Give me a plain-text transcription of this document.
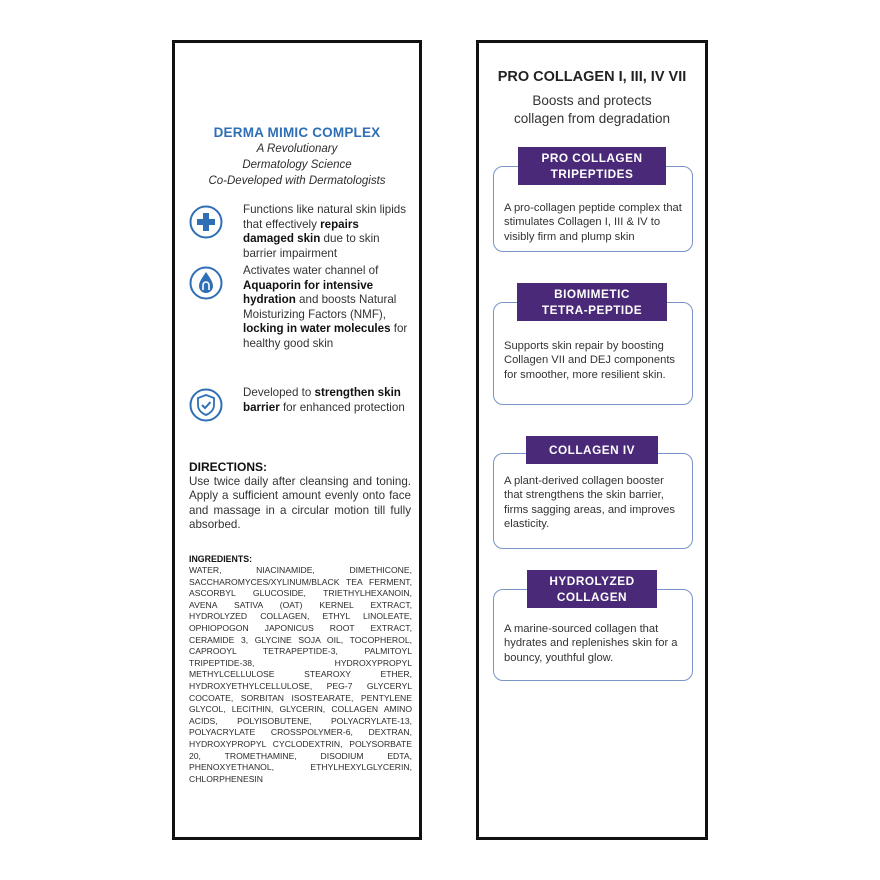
DERMA MIMIC COMPLEX
A Revolutionary
Dermatology Science
Co-Developed with Dermatologists
Functions like natural skin lipids that effectively repairs damaged skin due to skin barrier impairment
Activates water channel of Aquaporin for intensive hydration and boosts Natural Moisturizing Factors (NMF), locking in water molecules for healthy good skin
Developed to strengthen skin barrier for enhanced protection
DIRECTIONS:
Use twice daily after cleansing and toning. Apply a sufficient amount evenly onto face and massage in a circular motion till fully absorbed.
INGREDIENTS:
WATER, NIACINAMIDE, DIMETHICONE, SACCHAROMYCES/XYLINUM/BLACK TEA FERMENT, ASCORBYL GLUCOSIDE, TRIETHYLHEXANOIN, AVENA SATIVA (OAT) KERNEL EXTRACT, HYDROLYZED COLLAGEN, ETHYL LINOLEATE, OPHIOPOGON JAPONICUS ROOT EXTRACT, CERAMIDE 3, GLYCINE SOJA OIL, TOCOPHEROL, CAPROOYL TETRAPEPTIDE-3, PALMITOYL TRIPEPTIDE-38, HYDROXYPROPYL METHYLCELLULOSE STEAROXY ETHER, HYDROXYETHYLCELLULOSE, PEG-7 GLYCERYL COCOATE, SORBITAN ISOSTEARATE, PENTYLENE GLYCOL, LECITHIN, GLYCERIN, COLLAGEN AMINO ACIDS, POLYISOBUTENE, POLYACRYLATE-13, POLYACRYLATE CROSSPOLYMER-6, DEXTRAN, HYDROXYPROPYL CYCLODEXTRIN, POLYSORBATE 20, TROMETHAMINE, DISODIUM EDTA, PHENOXYETHANOL, ETHYLHEXYLGLYCERIN, CHLORPHENESIN
PRO COLLAGEN I, III, IV VII
Boosts and protects
collagen from degradation
A pro-collagen peptide complex that stimulates Collagen I, III & IV to visibly firm and plump skin
PRO COLLAGEN
TRIPEPTIDES
Supports skin repair by boosting Collagen VII and DEJ components for smoother, more resilient skin.
BIOMIMETIC
TETRA-PEPTIDE
A plant-derived collagen booster that strengthens the skin barrier, firms sagging areas, and improves elasticity.
COLLAGEN IV
A marine-sourced collagen that hydrates and replenishes skin for a bouncy, youthful glow.
HYDROLYZED
COLLAGEN
